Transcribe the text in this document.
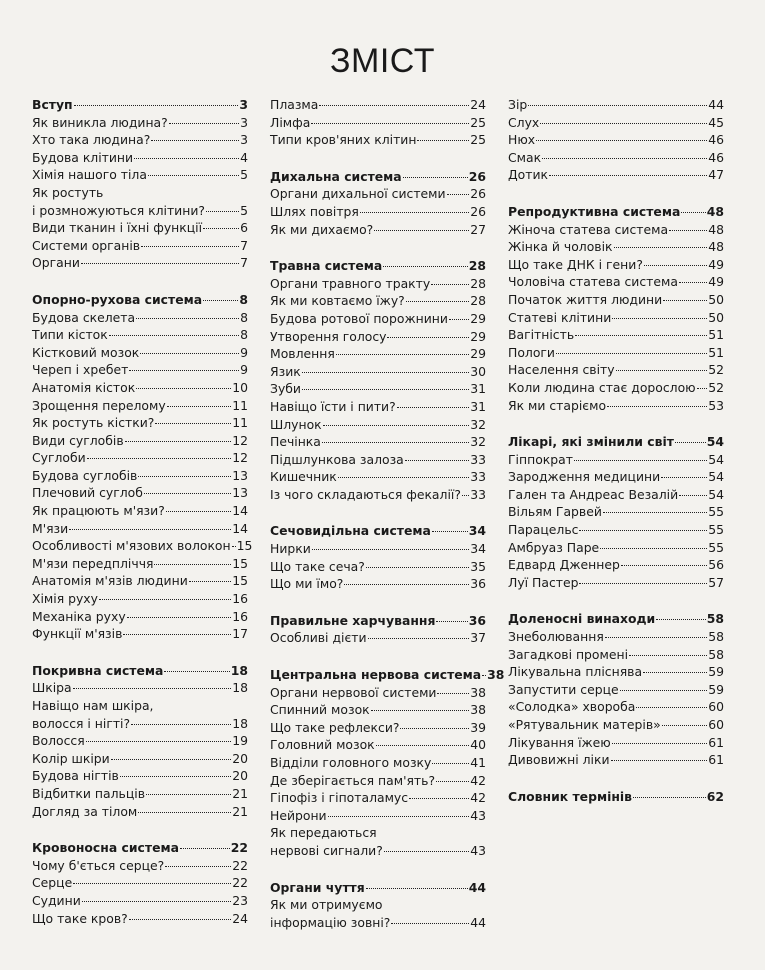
ЗМІСТ
Вступ	3
Як виникла людина?	3
Хто така людина?	3
Будова клітини	4
Хімія нашого тіла	5
Як ростуть
і розмножуються клітини?	5
Види тканин і їхні функції	6
Системи органів	7
Органи	7
Опорно-рухова система	8
Будова скелета	8
Типи кісток	8
Кістковий мозок	9
Череп і хребет	9
Анатомія кісток	10
Зрощення перелому	11
Як ростуть кістки?	11
Види суглобів	12
Суглоби	12
Будова суглобів	13
Плечовий суглоб	13
Як працюють м'язи?	14
М'язи	14
Особливості м'язових волокон 15
М'язи передпліччя	15
Анатомія м'язів людини	15
Хімія руху	16
Механіка руху	16
Функції м'язів	17
Покривна система	18
Шкіра	18
Навіщо нам шкіра,
волосся і нігті?	18
Волосся	19
Колір шкіри	20
Будова нігтів	20
Відбитки пальців	21
Догляд за тілом	21
Кровоносна система	22
Чому б'ється серце?	22
Серце	22
Судини	23
Що таке кров?	24
Плазма	24
Лімфа	25
Типи кров'яних клітин	25
Дихальна система	26
Органи дихальної системи 26
Шлях повітря	26
Як ми дихаємо?	27
Травна система	28
Органи травного тракту	28
Як ми ковтаємо їжу?	28
Будова ротової порожнини 29
Утворення голосу	29
Мовлення	29
Язик	30
Зуби	31
Навіщо їсти і пити?	31
Шлунок	32
Печінка	32
Підшлункова залоза	33
Кишечник	33
Із чого складаються фекалії? 33
Сечовидільна система	34
Нирки	34
Що таке сеча?	35
Що ми їмо?	36
Правильне харчування	36
Особливі дієти	37
Центральна нервова система 38
Органи нервової системи	38
Спинний мозок	38
Що таке рефлекси?	39
Головний мозок	40
Відділи головного мозку	41
Де зберігається пам'ять?	42
Гіпофіз і гіпоталамус	42
Нейрони	43
Як передаються
нервові сигнали?	43
Органи чуття	44
Як ми отримуємо
інформацію зовні?	44
Зір	44
Слух	45
Нюх	46
Смак	46
Дотик	47
Репродуктивна система 48
Жіноча статева система	48
Жінка й чоловік	48
Що таке ДНК і гени?	49
Чоловіча статева система 49
Початок життя людини	50
Статеві клітини	50
Вагітність	51
Пологи	51
Населення світу	52
Коли людина стає дорослою 52
Як ми старіємо	53
Лікарі, які змінили світ	54
Гіппократ	54
Зародження медицини	54
Гален та Андреас Везалій 54
Вільям Гарвей	55
Парацельс	55
Амбруаз Паре	55
Едвард Дженнер	56
Луї Пастер	57
Доленосні винаходи	58
Знеболювання	58
Загадкові промені	58
Лікувальна пліснява	59
Запустити серце	59
«Солодка» хвороба	60
«Рятувальник матерів»	60
Лікування їжею	61
Дивовижні ліки	61
Словник термінів	62
